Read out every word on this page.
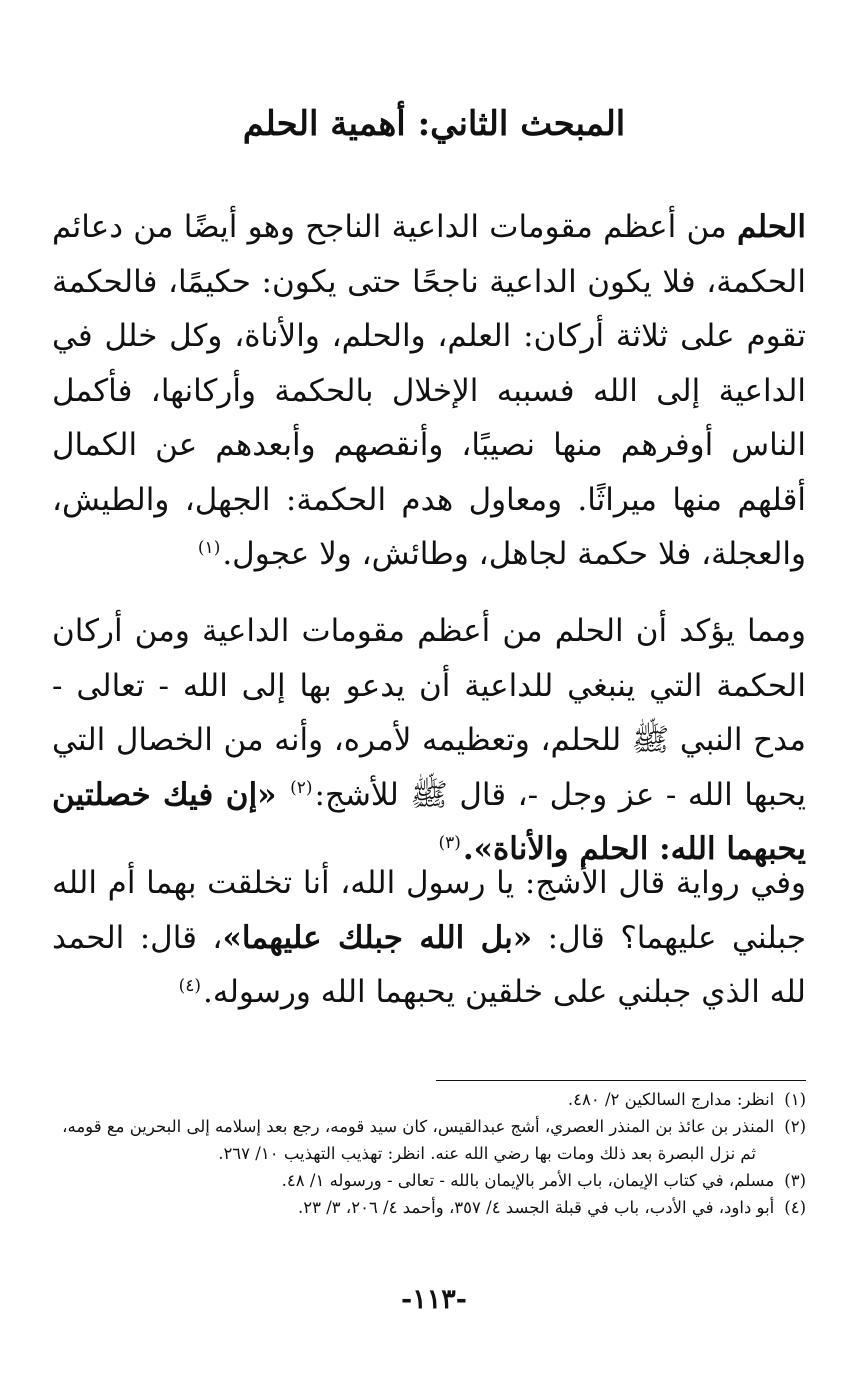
المبحث الثاني: أهمية الحلم

الحلم من أعظم مقومات الداعية الناجح وهو أيضًا من دعائم الحكمة، فلا يكون الداعية ناجحًا حتى يكون: حكيمًا، فالحكمة تقوم على ثلاثة أركان: العلم، والحلم، والأناة، وكل خلل في الداعية إلى الله فسببه الإخلال بالحكمة وأركانها، فأكمل الناس أوفرهم منها نصيبًا، وأنقصهم وأبعدهم عن الكمال أقلهم منها ميراثًا. ومعاول هدم الحكمة: الجهل، والطيش، والعجلة، فلا حكمة لجاهل، وطائش، ولا عجول.$^{(١)}$

ومما يؤكد أن الحلم من أعظم مقومات الداعية ومن أركان الحكمة التي ينبغي للداعية أن يدعو بها إلى الله - تعالى - مدح النبي ﷺ للحلم، وتعظيمه لأمره، وأنه من الخصال التي يحبها الله - عز وجل -، قال ﷺ للأشج:$^{(٢)}$ «إن فيك خصلتين يحبهما الله: الحلم والأناة».$^{(٣)}$

وفي رواية قال الأشج: يا رسول الله، أنا تخلقت بهما أم الله جبلني عليهما؟ قال: «بل الله جبلك عليهما»، قال: الحمد لله الذي جبلني على خلقين يحبهما الله ورسوله.$^{(٤)}$

(١)انظر: مدارج السالكين ٢/ ٤٨٠.

(٢)المنذر بن عائذ بن المنذر العصري، أشج عبدالقيس، كان سيد قومه، رجع بعد إسلامه إلى البحرين مع قومه،

ثم نزل البصرة بعد ذلك ومات بها رضي الله عنه. انظر: تهذيب التهذيب ١٠/ ٢٦٧.

(٣)مسلم، في كتاب الإيمان، باب الأمر بالإيمان بالله - تعالى - ورسوله ١/ ٤٨.

(٤)أبو داود، في الأدب، باب في قبلة الجسد ٤/ ٣٥٧، وأحمد ٤/ ٢٠٦، ٣/ ٢٣.

-١١٣-
